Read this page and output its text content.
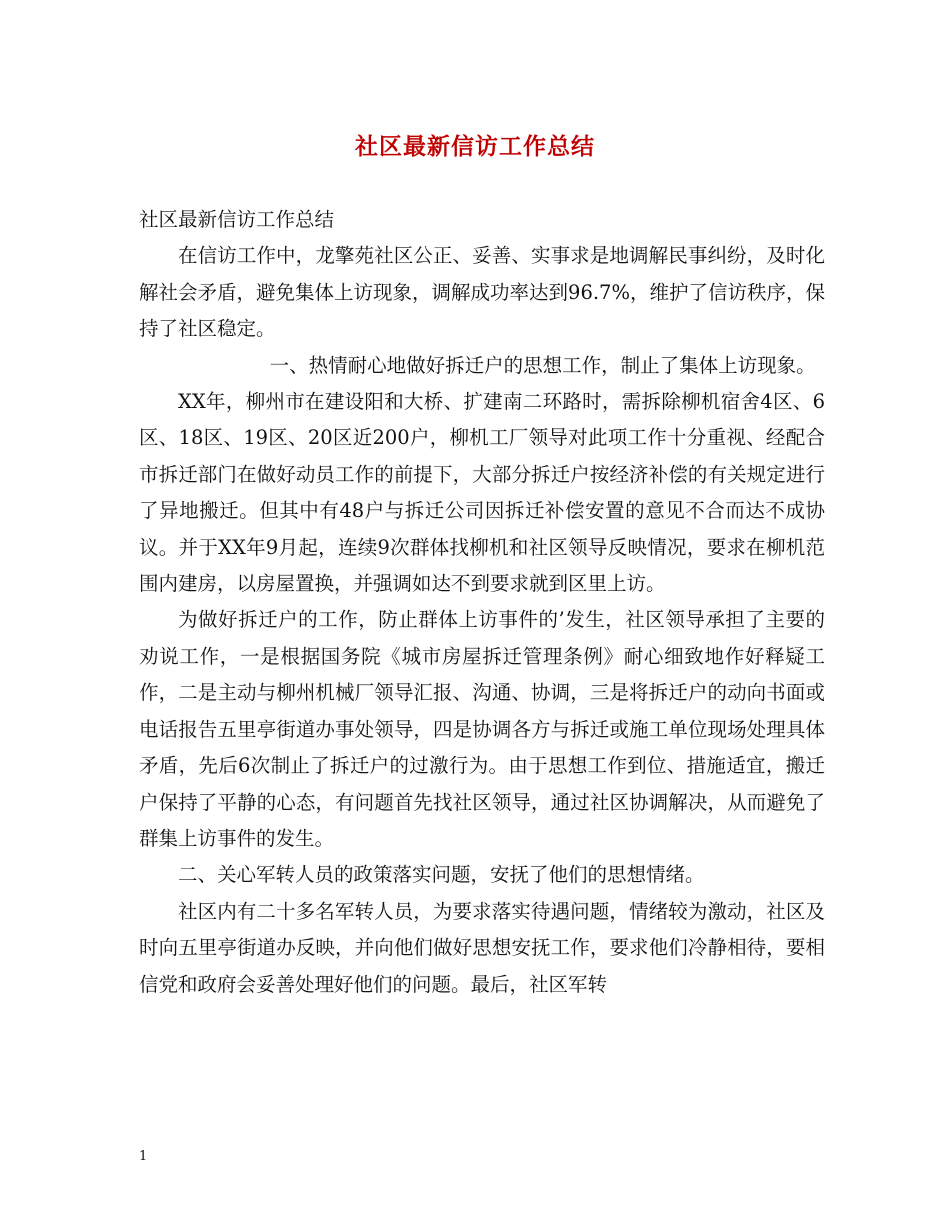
社区最新信访工作总结

社区最新信访工作总结

在信访工作中，龙擎苑社区公正、妥善、实事求是地调解民事纠纷，及时化解社会矛盾，避免集体上访现象，调解成功率达到96.7%，维护了信访秩序，保持了社区稳定。

一、热情耐心地做好拆迁户的思想工作，制止了集体上访现象。

XX年，柳州市在建设阳和大桥、扩建南二环路时，需拆除柳机宿舍4区、6区、18区、19区、20区近200户，柳机工厂领导对此项工作十分重视、经配合市拆迁部门在做好动员工作的前提下，大部分拆迁户按经济补偿的有关规定进行了异地搬迁。但其中有48户与拆迁公司因拆迁补偿安置的意见不合而达不成协议。并于XX年9月起，连续9次群体找柳机和社区领导反映情况，要求在柳机范围内建房，以房屋置换，并强调如达不到要求就到区里上访。

为做好拆迁户的工作，防止群体上访事件的’发生，社区领导承担了主要的劝说工作，一是根据国务院《城市房屋拆迁管理条例》耐心细致地作好释疑工作，二是主动与柳州机械厂领导汇报、沟通、协调，三是将拆迁户的动向书面或电话报告五里亭街道办事处领导，四是协调各方与拆迁或施工单位现场处理具体矛盾，先后6次制止了拆迁户的过激行为。由于思想工作到位、措施适宜，搬迁户保持了平静的心态，有问题首先找社区领导，通过社区协调解决，从而避免了群集上访事件的发生。

二、关心军转人员的政策落实问题，安抚了他们的思想情绪。

社区内有二十多名军转人员，为要求落实待遇问题，情绪较为激动，社区及时向五里亭街道办反映，并向他们做好思想安抚工作，要求他们冷静相待，要相信党和政府会妥善处理好他们的问题。最后，社区军转

1
